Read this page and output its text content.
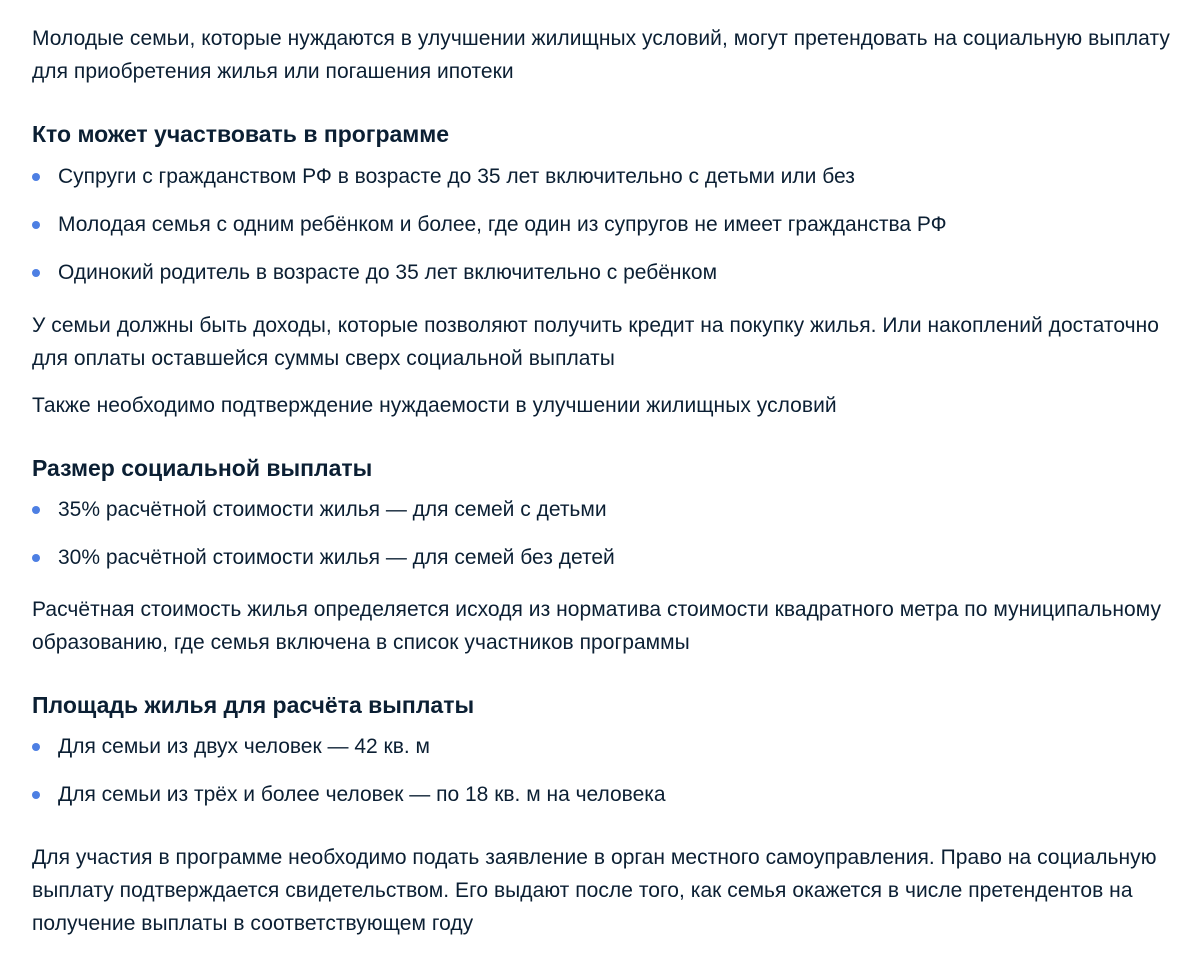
Молодые семьи, которые нуждаются в улучшении жилищных условий, могут претендовать на социальную выплату для приобретения жилья или погашения ипотеки

Кто может участвовать в программе
Супруги с гражданством РФ в возрасте до 35 лет включительно с детьми или без
Молодая семья с одним ребёнком и более, где один из супругов не имеет гражданства РФ
Одинокий родитель в возрасте до 35 лет включительно с ребёнком

У семьи должны быть доходы, которые позволяют получить кредит на покупку жилья. Или накоплений достаточно для оплаты оставшейся суммы сверх социальной выплаты

Также необходимо подтверждение нуждаемости в улучшении жилищных условий

Размер социальной выплаты
35% расчётной стоимости жилья — для семей с детьми
30% расчётной стоимости жилья — для семей без детей

Расчётная стоимость жилья определяется исходя из норматива стоимости квадратного метра по муниципальному образованию, где семья включена в список участников программы

Площадь жилья для расчёта выплаты
Для семьи из двух человек — 42 кв. м
Для семьи из трёх и более человек — по 18 кв. м на человека

Для участия в программе необходимо подать заявление в орган местного самоуправления. Право на социальную выплату подтверждается свидетельством. Его выдают после того, как семья окажется в числе претендентов на получение выплаты в соответствующем году
